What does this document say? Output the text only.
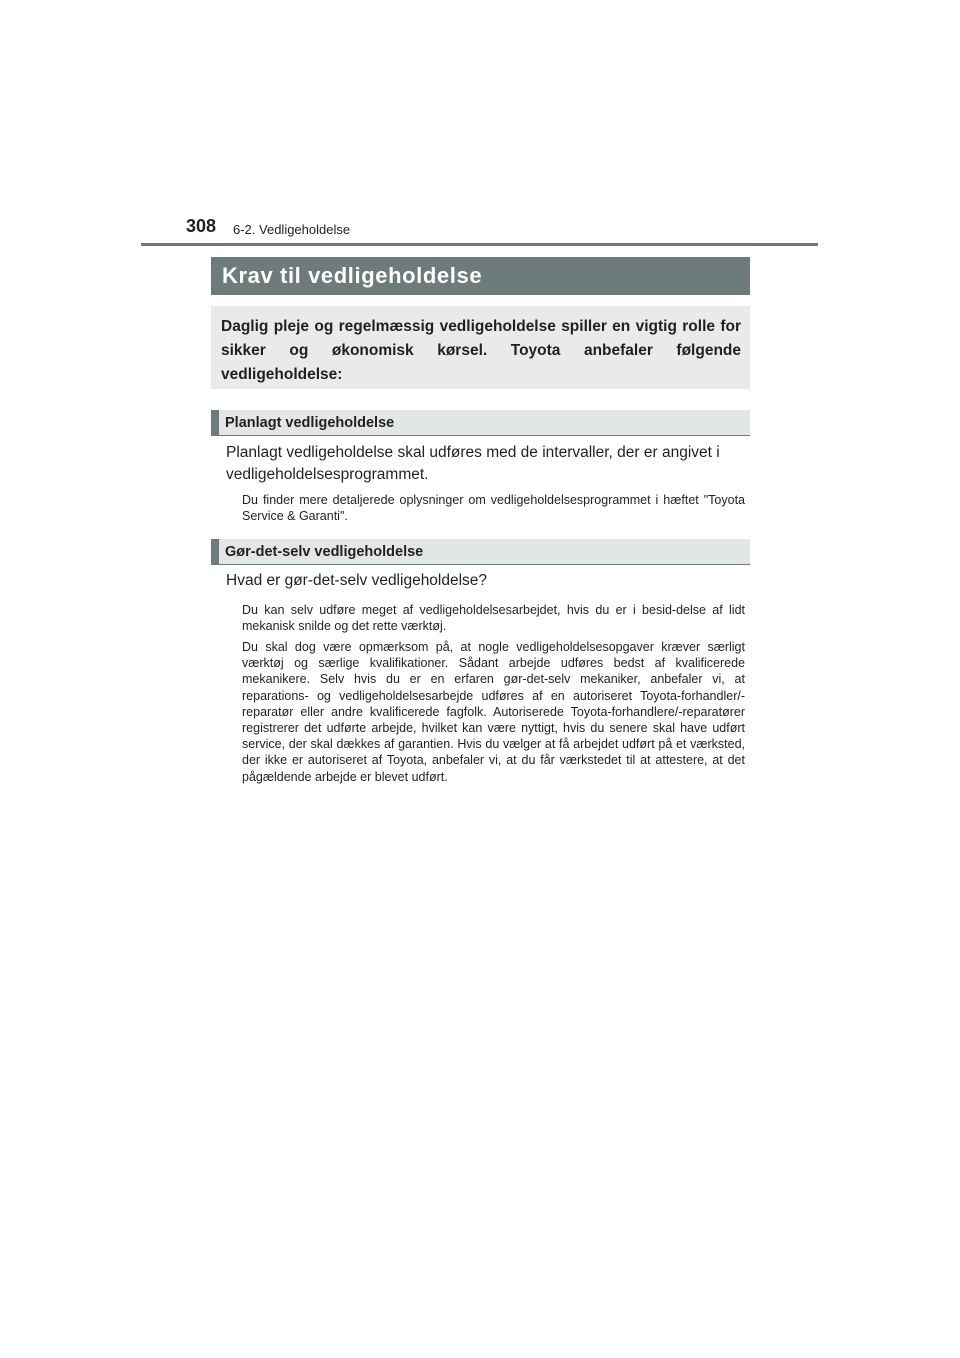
308 6-2. Vedligeholdelse
Krav til vedligeholdelse
Daglig pleje og regelmæssig vedligeholdelse spiller en vigtig rolle for sikker og økonomisk kørsel. Toyota anbefaler følgende vedligeholdelse:
Planlagt vedligeholdelse
Planlagt vedligeholdelse skal udføres med de intervaller, der er angivet i vedligeholdelsesprogrammet.

Du finder mere detaljerede oplysninger om vedligeholdelsesprogrammet i hæftet "Toyota Service & Garanti".

Gør-det-selv vedligeholdelse
Hvad er gør-det-selv vedligeholdelse?

Du kan selv udføre meget af vedligeholdelsesarbejdet, hvis du er i besid-delse af lidt mekanisk snilde og det rette værktøj.

Du skal dog være opmærksom på, at nogle vedligeholdelsesopgaver kræver særligt værktøj og særlige kvalifikationer. Sådant arbejde udføres bedst af kvalificerede mekanikere. Selv hvis du er en erfaren gør-det-selv mekaniker, anbefaler vi, at reparations- og vedligeholdelsesarbejde udføres af en autoriseret Toyota-forhandler/-reparatør eller andre kvalificerede fagfolk. Autoriserede Toyota-forhandlere/-reparatører registrerer det udførte arbejde, hvilket kan være nyttigt, hvis du senere skal have udført service, der skal dækkes af garantien. Hvis du vælger at få arbejdet udført på et værksted, der ikke er autoriseret af Toyota, anbefaler vi, at du får værkstedet til at attestere, at det pågældende arbejde er blevet udført.
